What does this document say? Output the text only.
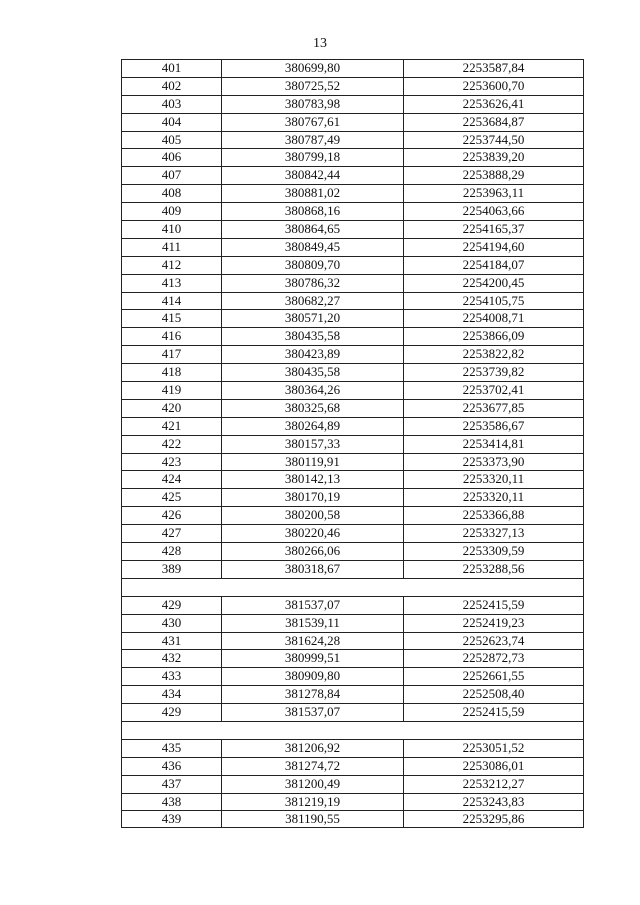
13
401	380699,80	2253587,84
402	380725,52	2253600,70
403	380783,98	2253626,41
404	380767,61	2253684,87
405	380787,49	2253744,50
406	380799,18	2253839,20
407	380842,44	2253888,29
408	380881,02	2253963,11
409	380868,16	2254063,66
410	380864,65	2254165,37
411	380849,45	2254194,60
412	380809,70	2254184,07
413	380786,32	2254200,45
414	380682,27	2254105,75
415	380571,20	2254008,71
416	380435,58	2253866,09
417	380423,89	2253822,82
418	380435,58	2253739,82
419	380364,26	2253702,41
420	380325,68	2253677,85
421	380264,89	2253586,67
422	380157,33	2253414,81
423	380119,91	2253373,90
424	380142,13	2253320,11
425	380170,19	2253320,11
426	380200,58	2253366,88
427	380220,46	2253327,13
428	380266,06	2253309,59
389	380318,67	2253288,56
429	381537,07	2252415,59
430	381539,11	2252419,23
431	381624,28	2252623,74
432	380999,51	2252872,73
433	380909,80	2252661,55
434	381278,84	2252508,40
429	381537,07	2252415,59
435	381206,92	2253051,52
436	381274,72	2253086,01
437	381200,49	2253212,27
438	381219,19	2253243,83
439	381190,55	2253295,86
